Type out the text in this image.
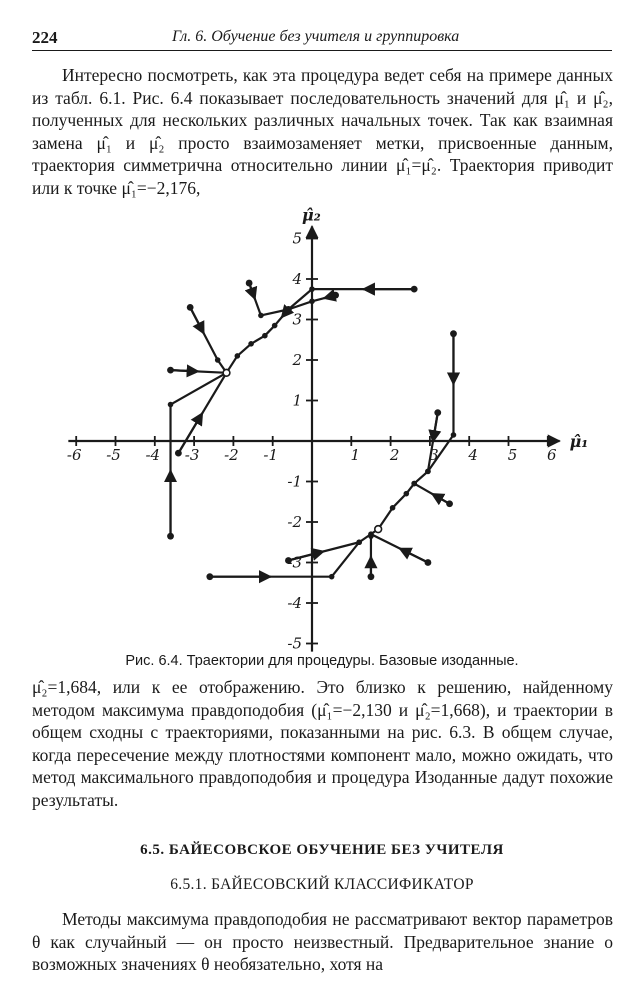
224	Гл. 6. Обучение без учителя и группировка

Интересно посмотреть, как эта процедура ведет себя на примере данных из табл. 6.1. Рис. 6.4 показывает последовательность значений для μ̂₁ и μ̂₂, полученных для нескольких различных начальных точек. Так как взаимная замена μ̂₁ и μ̂₂ просто взаимозаменяет метки, присвоенные данным, траектория симметрична относительно линии μ̂₁=μ̂₂. Траектория приводит или к точке μ̂₁=−2,176,

-6 -5 -4 -3 -2 -1	1 2 3 4 5 6
5
4
3
2
1
-1
-2
-3
-4
-5
μ̂₁
μ̂₂
Рис. 6.4. Траектории для процедуры. Базовые изоданные.

μ̂₂=1,684, или к ее отображению. Это близко к решению, найденному методом максимума правдоподобия (μ̂₁=−2,130 и μ̂₂=1,668), и траектории в общем сходны с траекториями, показанными на рис. 6.3. В общем случае, когда пересечение между плотностями компонент мало, можно ожидать, что метод максимального правдоподобия и процедура Изоданные дадут похожие результаты.

6.5. БАЙЕСОВСКОЕ ОБУЧЕНИЕ БЕЗ УЧИТЕЛЯ
6.5.1. БАЙЕСОВСКИЙ КЛАССИФИКАТОР

Методы максимума правдоподобия не рассматривают вектор параметров θ как случайный — он просто неизвестный. Предварительное знание о возможных значениях θ необязательно, хотя на
